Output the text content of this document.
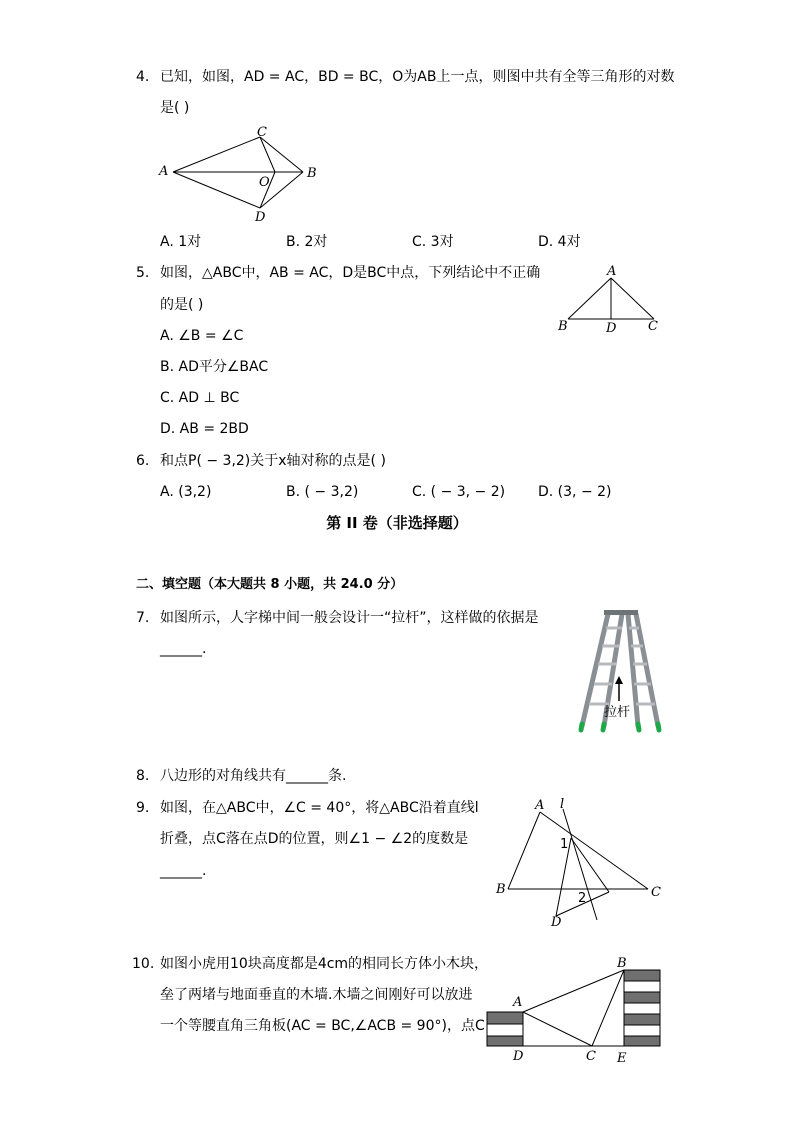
4. 已知，如图，AD = AC，BD = BC，O为AB上一点，则图中共有全等三角形的对数
是( )
A
C
B
D
O
A. 1对	B. 2对	C. 3对	D. 4对
5. 如图，△ABC中，AB = AC，D是BC中点，下列结论中不正确
的是( )
A. ∠B = ∠C
B. AD平分∠BAC
C. AD ⊥ BC
D. AB = 2BD
A
B	D C
6. 和点P( − 3,2)关于x轴对称的点是( )
A. (3,2)	B. ( − 3,2)	C. ( − 3, − 2) D. (3, − 2)
第 II 卷（非选择题）
二、填空题（本大题共 8 小题，共 24.0 分）
7. 如图所示，人字梯中间一般会设计一“拉杆”，这样做的依据是
______.
拉杆
8. 八边形的对角线共有______条.
9. 如图，在△ABC中，∠C = 40°，将△ABC沿着直线l
折叠，点C落在点D的位置，则∠1 − ∠2的度数是
______.
A l
B	C
D
1
2
10. 如图小虎用10块高度都是4cm的相同长方体小木块，
垒了两堵与地面垂直的木墙.木墙之间刚好可以放进
一个等腰直角三角板(AC = BC,∠ACB = 90°)，点C
A
B
D	C E
